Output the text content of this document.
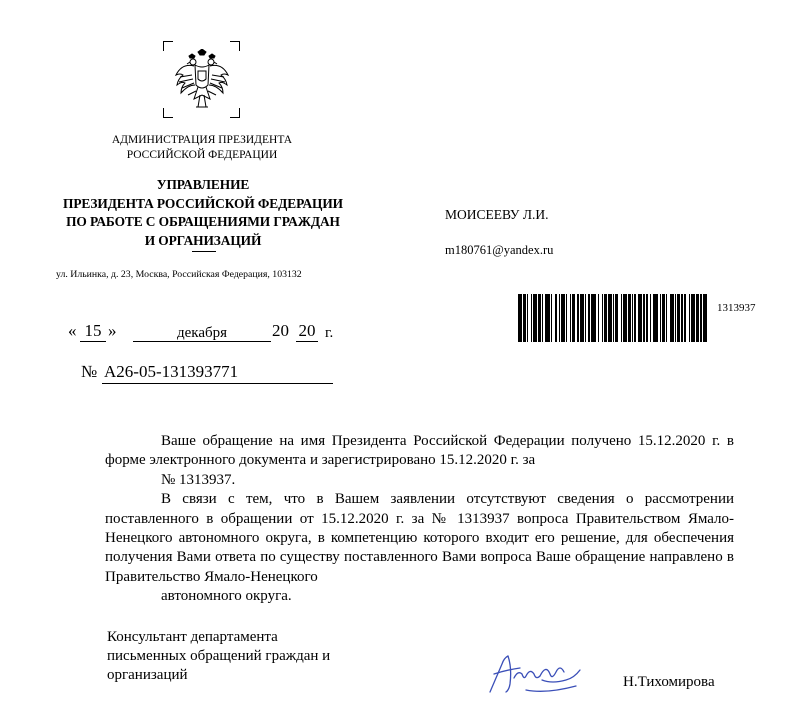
АДМИНИСТРАЦИЯ ПРЕЗИДЕНТА
РОССИЙСКОЙ ФЕДЕРАЦИИ
УПРАВЛЕНИЕ
ПРЕЗИДЕНТА РОССИЙСКОЙ ФЕДЕРАЦИИ
ПО РАБОТЕ С ОБРАЩЕНИЯМИ ГРАЖДАН
И ОРГАНИЗАЦИЙ
ул. Ильинка, д. 23, Москва, Российская Федерация, 103132
МОИСЕЕВУ Л.И.
m180761@yandex.ru
1313937
« 15 »	декабря	20 20 г.
№ А26-05-131393771

Ваше обращение на имя Президента Российской Федерации получено 15.12.2020 г. в форме электронного документа и зарегистрировано 15.12.2020 г. за
№ 1313937.

В связи с тем, что в Вашем заявлении отсутствуют сведения о рассмотрении поставленного в обращении от 15.12.2020 г. за № 1313937 вопроса Правительством Ямало-Ненецкого автономного округа, в компетенцию которого входит его решение, для обеспечения получения Вами ответа по существу поставленного Вами вопроса Ваше обращение направлено в Правительство Ямало-Ненецкого
автономного округа.

Консультант департамента
письменных обращений граждан и
организаций	Н.Тихомирова
